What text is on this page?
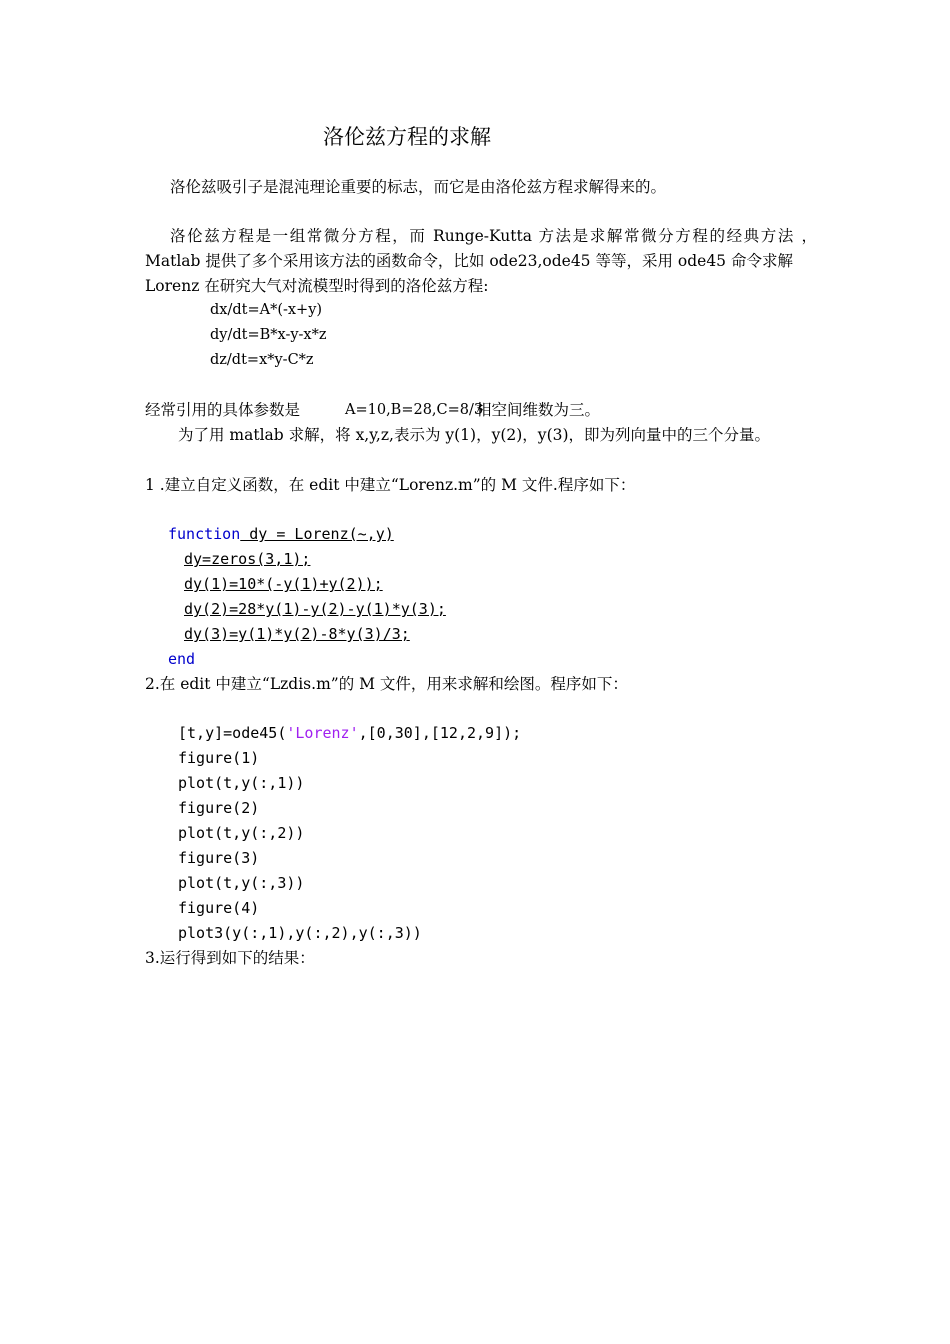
洛伦兹方程的求解
洛伦兹吸引子是混沌理论重要的标志，而它是由洛伦兹方程求解得来的。
洛伦兹方程是一组常微分方程，而 Runge-Kutta 方法是求解常微分方程的经典方法 ，
Matlab 提供了多个采用该方法的函数命令，比如 ode23,ode45 等等，采用 ode45 命令求解
Lorenz 在研究大气对流模型时得到的洛伦兹方程:
dx/dt=A*(-x+y)
dy/dt=B*x-y-x*z
dz/dt=x*y-C*z
经常引用的具体参数是	A=10,B=28,C=8/3
相空间维数为三。
为了用 matlab 求解，将 x,y,z,表示为 y(1)，y(2)，y(3)，即为列向量中的三个分量。
1 .建立自定义函数，在 edit 中建立“Lorenz.m”的 M 文件.程序如下：
function dy = Lorenz(~,y)
dy=zeros(3,1);
dy(1)=10*(-y(1)+y(2));
dy(2)=28*y(1)-y(2)-y(1)*y(3);
dy(3)=y(1)*y(2)-8*y(3)/3;
end
2.在 edit 中建立“Lzdis.m”的 M 文件，用来求解和绘图。程序如下：
[t,y]=ode45('Lorenz',[0,30],[12,2,9]);
figure(1)
plot(t,y(:,1))
figure(2)
plot(t,y(:,2))
figure(3)
plot(t,y(:,3))
figure(4)
plot3(y(:,1),y(:,2),y(:,3))
3.运行得到如下的结果：
